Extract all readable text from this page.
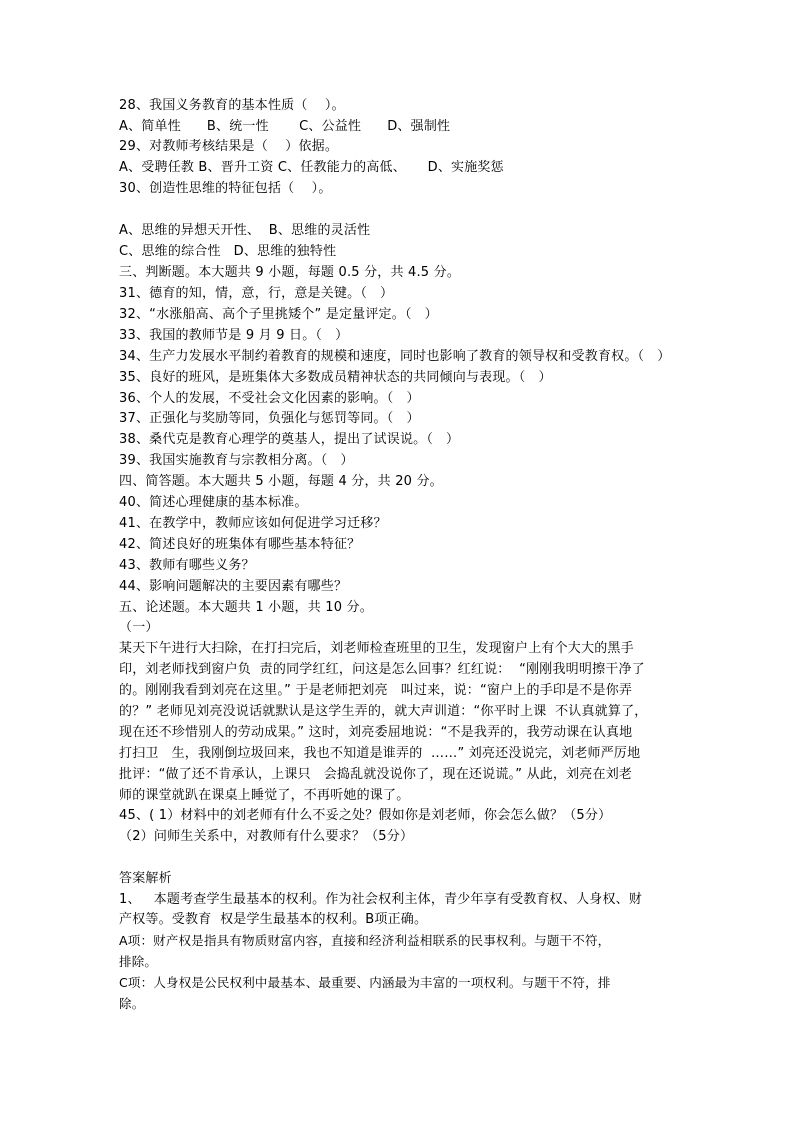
28、我国义务教育的基本性质（    ）。
A、简单性      B、统一性       C、公益性      D、强制性
29、对教师考核结果是（    ）依据。
A、受聘任教 B、晋升工资 C、任教能力的高低、     D、实施奖惩
30、创造性思维的特征包括（    ）。
A、思维的异想天开性、  B、思维的灵活性
C、思维的综合性   D、思维的独特性
三、判断题。本大题共 9 小题，每题 0.5 分，共 4.5 分。
31、德育的知，情，意，行，意是关键。（   ）
32、“水涨船高、高个子里挑矮个” 是定量评定。（   ）
33、我国的教师节是 9 月 9 日。（   ）
34、生产力发展水平制约着教育的规模和速度，同时也影响了教育的领导权和受教育权。（   ）
35、良好的班风，是班集体大多数成员精神状态的共同倾向与表现。（   ）
36、个人的发展，不受社会文化因素的影响。（   ）
37、正强化与奖励等同，负强化与惩罚等同。（   ）
38、桑代克是教育心理学的奠基人，提出了试误说。（   ）
39、我国实施教育与宗教相分离。（   ）
四、简答题。本大题共 5 小题，每题 4 分，共 20 分。
40、简述心理健康的基本标准。
41、在教学中，教师应该如何促进学习迁移？
42、简述良好的班集体有哪些基本特征？
43、教师有哪些义务？
44、影响问题解决的主要因素有哪些？
五、论述题。本大题共 1 小题，共 10 分。
（一）
某天下午进行大扫除，在打扫完后，刘老师检查班里的卫生，发现窗户上有个大大的黑手
印，刘老师找到窗户负  责的同学红红，问这是怎么回事？红红说：  “刚刚我明明擦干净了
的。刚刚我看到刘亮在这里。” 于是老师把刘亮   叫过来，说：“窗户上的手印是不是你弄
的？” 老师见刘亮没说话就默认是这学生弄的，就大声训道：“你平时上课  不认真就算了，
现在还不珍惜别人的劳动成果。” 这时，刘亮委屈地说：“不是我弄的，我劳动课在认真地
打扫卫   生，我刚倒垃圾回来，我也不知道是谁弄的  ……” 刘亮还没说完，刘老师严厉地
批评：“做了还不肯承认，上课只   会捣乱就没说你了，现在还说谎。” 从此，刘亮在刘老
师的课堂就趴在课桌上睡觉了，不再听她的课了。
45、( 1）材料中的刘老师有什么不妥之处？假如你是刘老师，你会怎么做？（5分）
（2）问师生关系中，对教师有什么要求？（5分）
答案解析
1、   本题考查学生最基本的权利。作为社会权利主体，青少年享有受教育权、人身权、财
产权等。受教育  权是学生最基本的权利。B项正确。
A项：财产权是指具有物质财富内容，直接和经济利益相联系的民事权利。与题干不符，
排除。
C项：人身权是公民权利中最基本、最重要、内涵最为丰富的一项权利。与题干不符，排
除。
